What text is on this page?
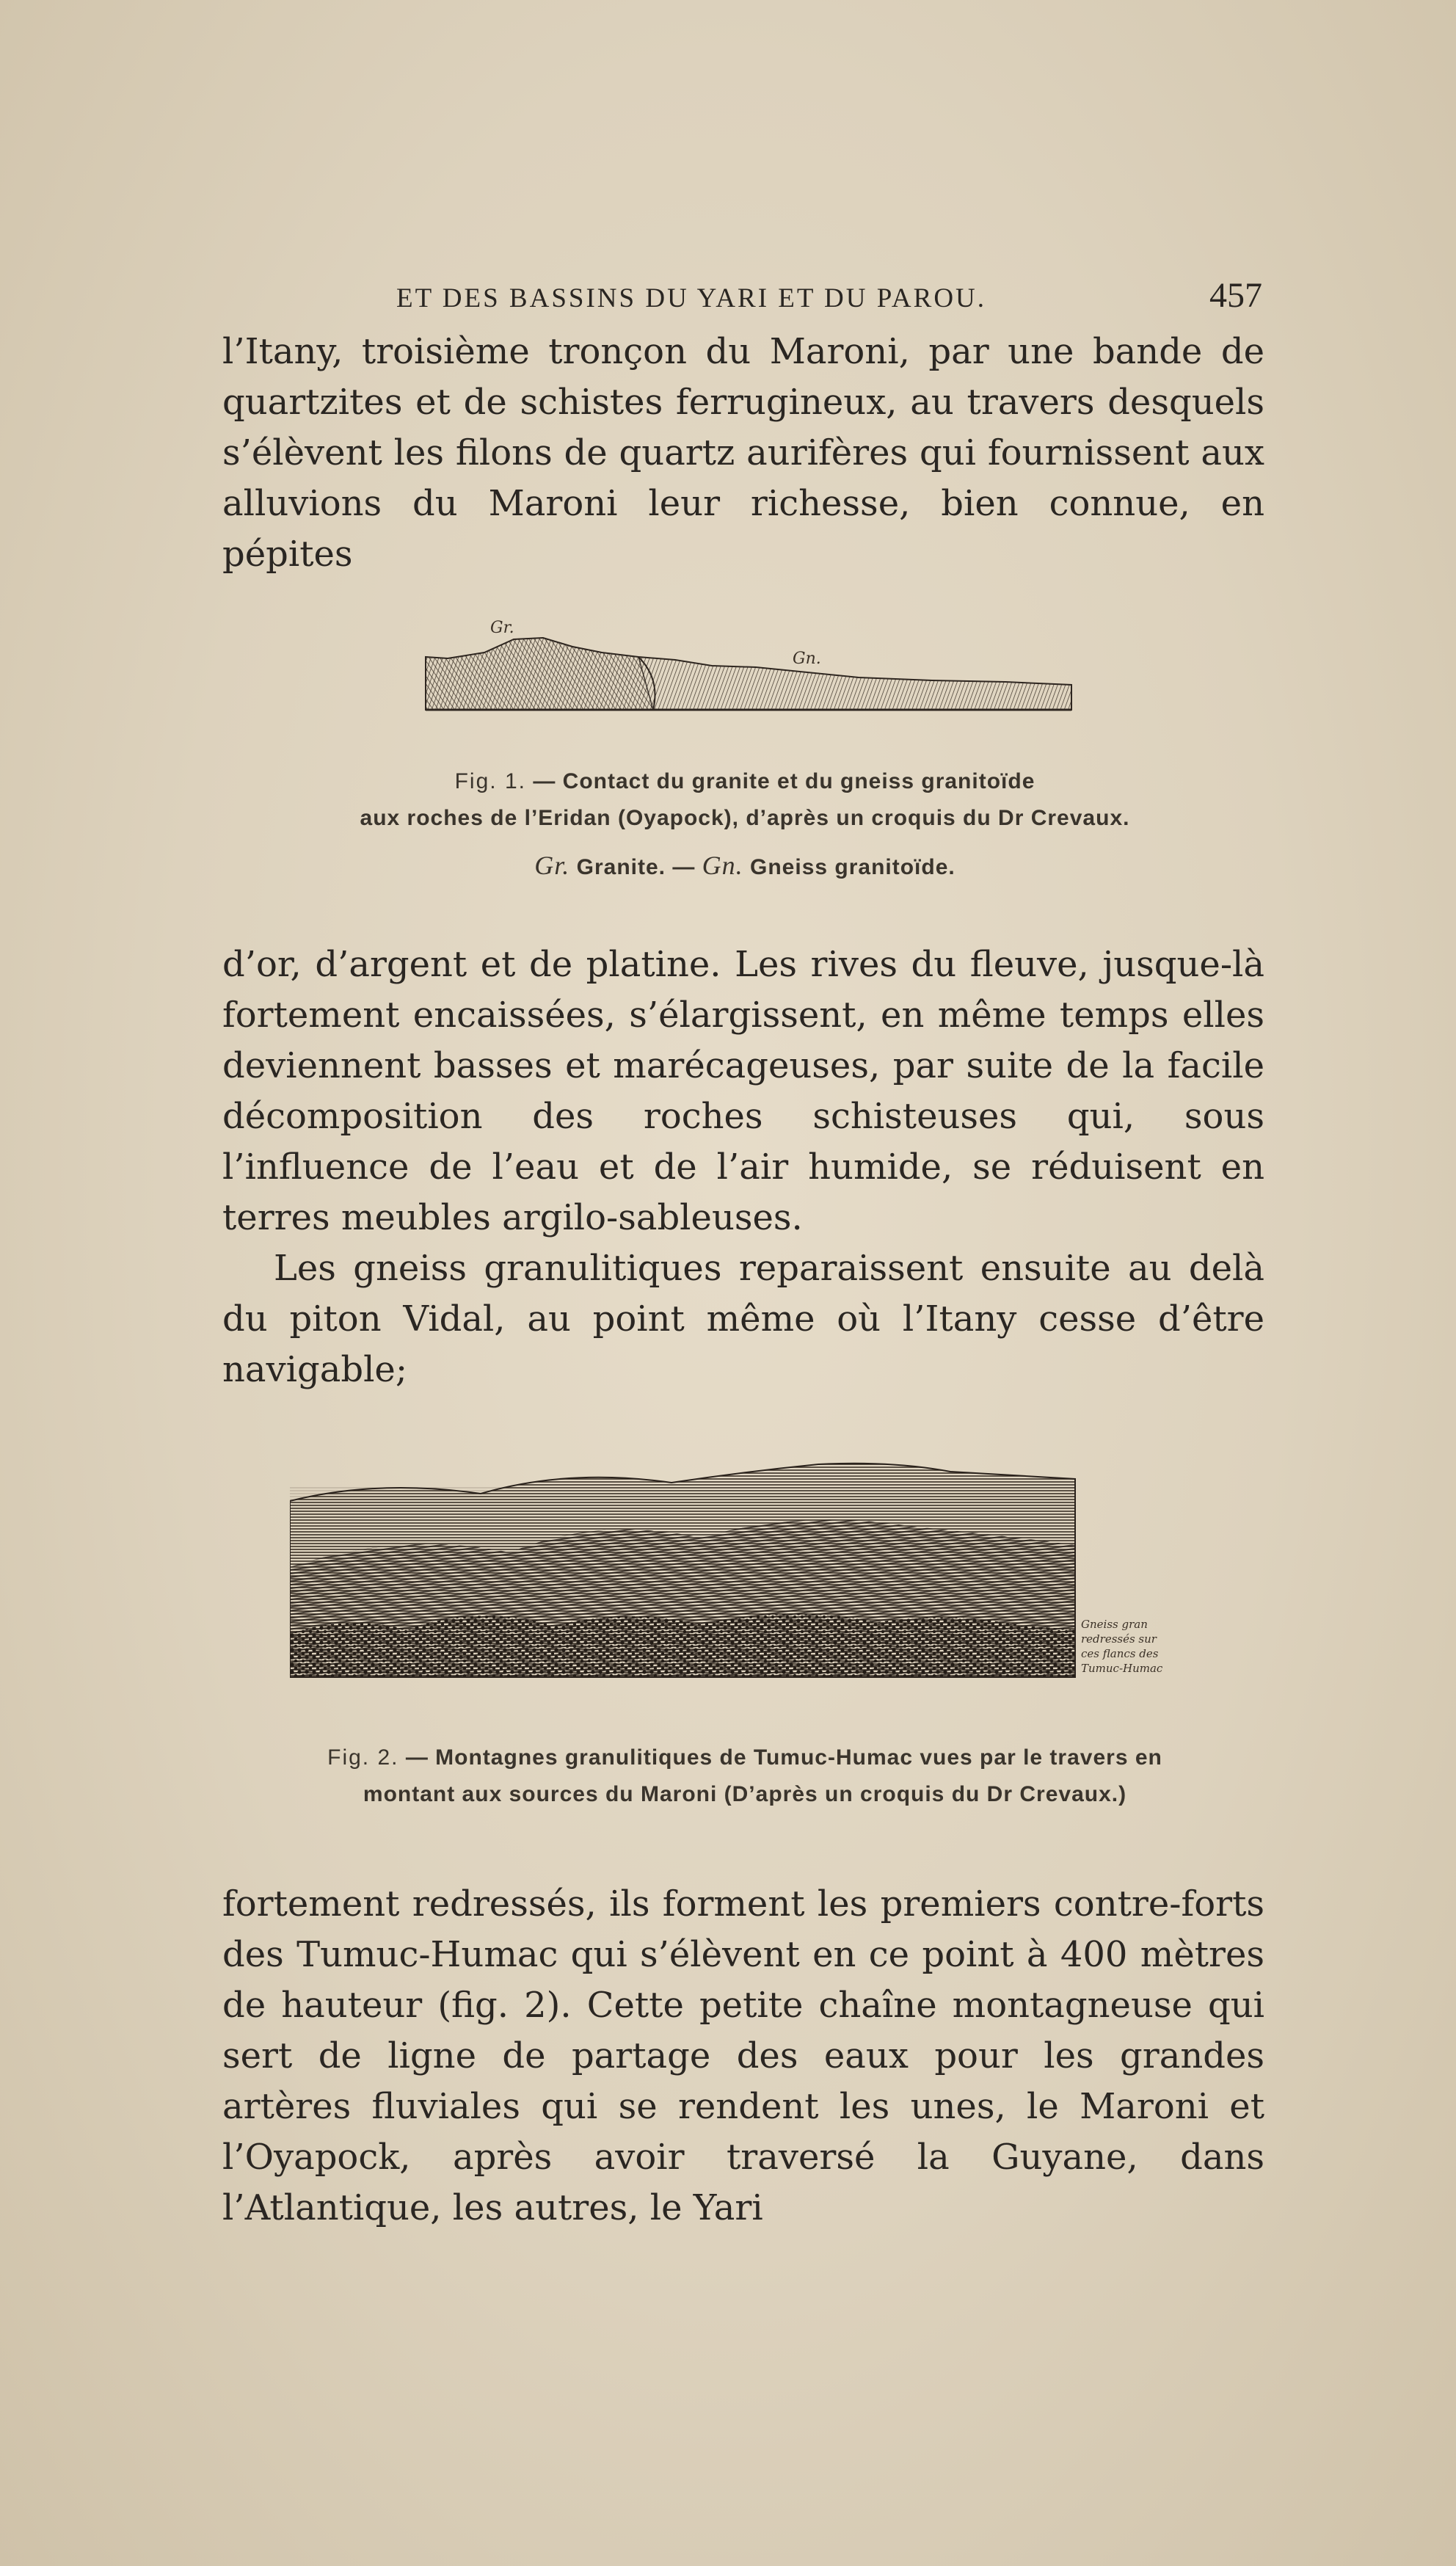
ET DES BASSINS DU YARI ET DU PAROU.	457

l’Itany, troisième tronçon du Maroni, par une bande de quartzites et de schistes ferrugineux, au travers desquels s’élèvent les filons de quartz aurifères qui fournissent aux alluvions du Maroni leur richesse, bien connue, en pépites

Gr.
Gn.
Fig. 1. — Contact du granite et du gneiss granitoïde
aux roches de l’Eridan (Oyapock), d’après un croquis du Dr Crevaux.
Gr. Granite. — Gn. Gneiss granitoïde.

d’or, d’argent et de platine. Les rives du fleuve, jusque-là fortement encaissées, s’élargissent, en même temps elles deviennent basses et marécageuses, par suite de la facile décomposition des roches schisteuses qui, sous l’influence de l’eau et de l’air humide, se réduisent en terres meubles argilo-sableuses.

Les gneiss granulitiques reparaissent ensuite au delà du piton Vidal, au point même où l’Itany cesse d’être navigable;

Gneiss gran
redressés sur
ces flancs des
Tumuc-Humac
Fig. 2. — Montagnes granulitiques de Tumuc-Humac vues par le travers en
montant aux sources du Maroni (D’après un croquis du Dr Crevaux.)

fortement redressés, ils forment les premiers contre-forts des Tumuc-Humac qui s’élèvent en ce point à 400 mètres de hauteur (fig. 2). Cette petite chaîne montagneuse qui sert de ligne de partage des eaux pour les grandes artères fluviales qui se rendent les unes, le Maroni et l’Oyapock, après avoir traversé la Guyane, dans l’Atlantique, les autres, le Yari
